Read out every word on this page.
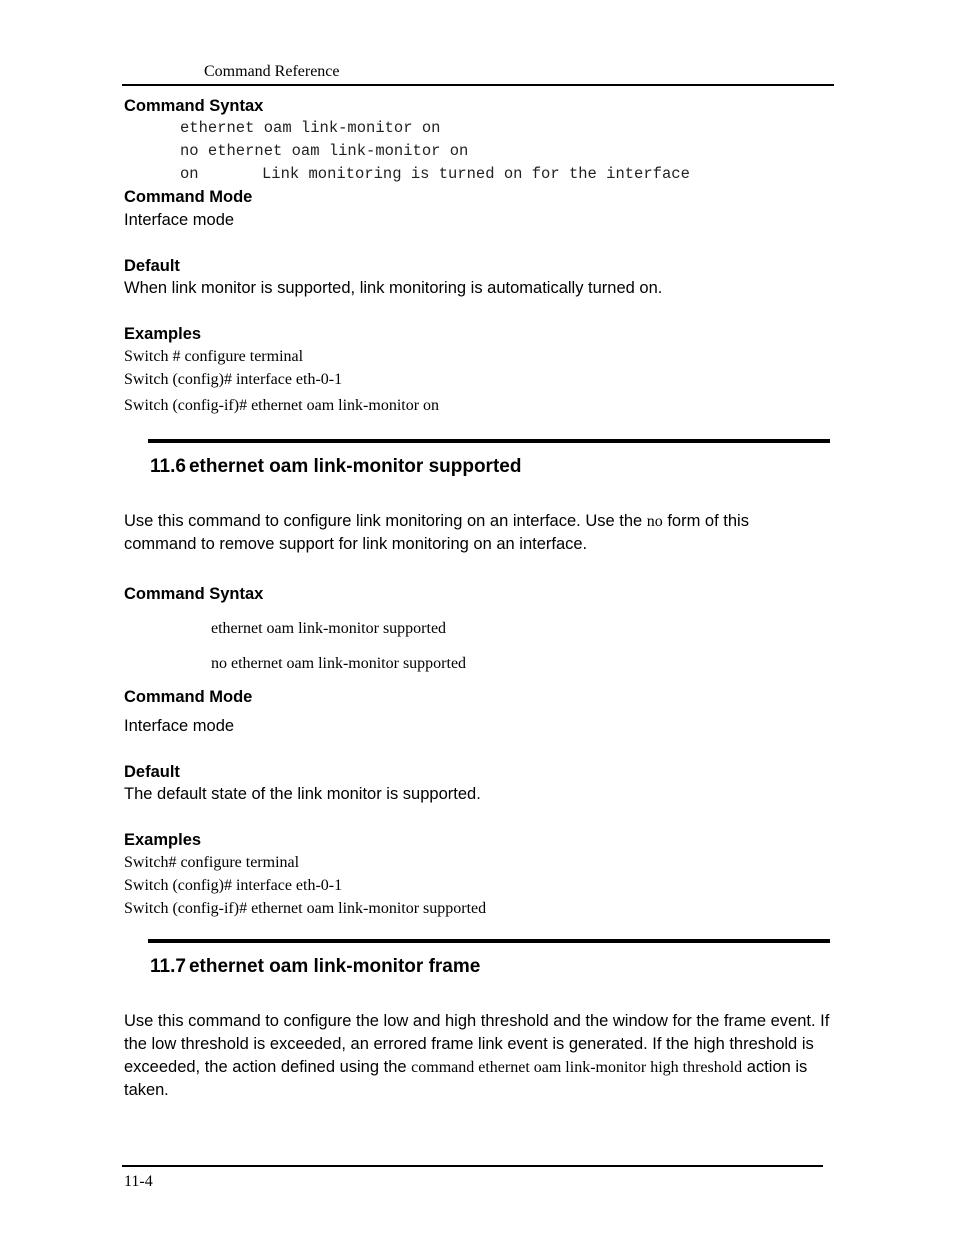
Command Reference
Command Syntax
ethernet oam link-monitor on
no ethernet oam link-monitor on
on	Link monitoring is turned on for the interface
Command Mode
Interface mode
Default
When link monitor is supported, link monitoring is automatically turned on.
Examples
Switch # configure terminal
Switch (config)# interface eth-0-1
Switch (config-if)# ethernet oam link-monitor on
11.6 ethernet oam link-monitor supported
Use this command to configure link monitoring on an interface. Use the no form of this command to remove support for link monitoring on an interface.
Command Syntax
ethernet oam link-monitor supported
no ethernet oam link-monitor supported
Command Mode
Interface mode
Default
The default state of the link monitor is supported.
Examples
Switch# configure terminal
Switch (config)# interface eth-0-1
Switch (config-if)# ethernet oam link-monitor supported
11.7 ethernet oam link-monitor frame
Use this command to configure the low and high threshold and the window for the frame event. If the low threshold is exceeded, an errored frame link event is generated. If the high threshold is exceeded, the action defined using the command ethernet oam link-monitor high threshold action is taken.
11-4
